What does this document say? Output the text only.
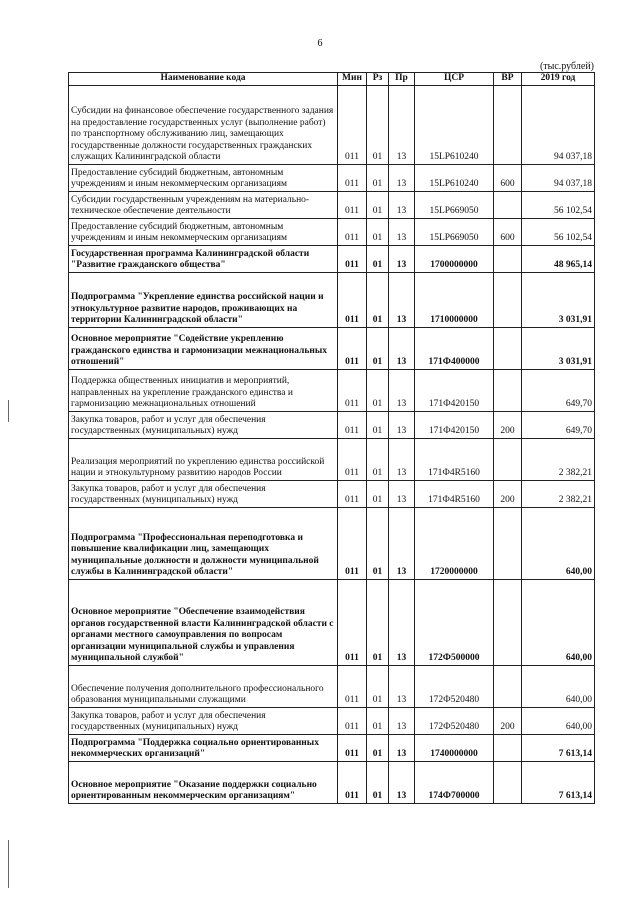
6
(тыс.рублей)
Наименование кода	Мин	Рз	Пр	ЦСР	ВР	2019 год
Субсидии на финансовое обеспечение государственного задания на предоставление государственных услуг (выполнение работ) по транспортному обслуживанию лиц, замещающих государственные должности государственных гражданских служащих Калининградской области	011	01	13	15LP610240		94 037,18
Предоставление субсидий бюджетным, автономным учреждениям и иным некоммерческим организациям	011	01	13	15LP610240	600	94 037,18
Субсидии государственным учреждениям на материально-техническое обеспечение деятельности	011	01	13	15LP669050		56 102,54
Предоставление субсидий бюджетным, автономным учреждениям и иным некоммерческим организациям	011	01	13	15LP669050	600	56 102,54
Государственная программа Калининградской области "Развитие гражданского общества"	011	01	13	1700000000		48 965,14
Подпрограмма "Укрепление единства российской нации и этнокультурное развитие народов, проживающих на территории Калининградской области"	011	01	13	1710000000		3 031,91
Основное мероприятие "Содействие укреплению гражданского единства и гармонизации межнациональных отношений"	011	01	13	171Ф400000		3 031,91
Поддержка общественных инициатив и мероприятий, направленных на укрепление гражданского единства и гармонизацию межнациональных отношений	011	01	13	171Ф420150		649,70
Закупка товаров, работ и услуг для обеспечения государственных (муниципальных) нужд	011	01	13	171Ф420150	200	649,70
Реализация мероприятий по укреплению единства российской нации и этнокультурному развитию народов России	011	01	13	171Ф4R5160		2 382,21
Закупка товаров, работ и услуг для обеспечения государственных (муниципальных) нужд	011	01	13	171Ф4R5160	200	2 382,21
Подпрограмма "Профессиональная переподготовка и повышение квалификации лиц, замещающих муниципальные должности и должности муниципальной службы в Калининградской области"	011	01	13	1720000000		640,00
Основное мероприятие "Обеспечение взаимодействия органов государственной власти Калининградской области с органами местного самоуправления по вопросам организации муниципальной службы и управления муниципальной службой"	011	01	13	172Ф500000		640,00
Обеспечение получения дополнительного профессионального образования муниципальными служащими	011	01	13	172Ф520480		640,00
Закупка товаров, работ и услуг для обеспечения государственных (муниципальных) нужд	011	01	13	172Ф520480	200	640,00
Подпрограмма "Поддержка социально ориентированных некоммерческих организаций"	011	01	13	1740000000		7 613,14
Основное мероприятие "Оказание поддержки социально ориентированным некоммерческим организациям"	011	01	13	174Ф700000		7 613,14
